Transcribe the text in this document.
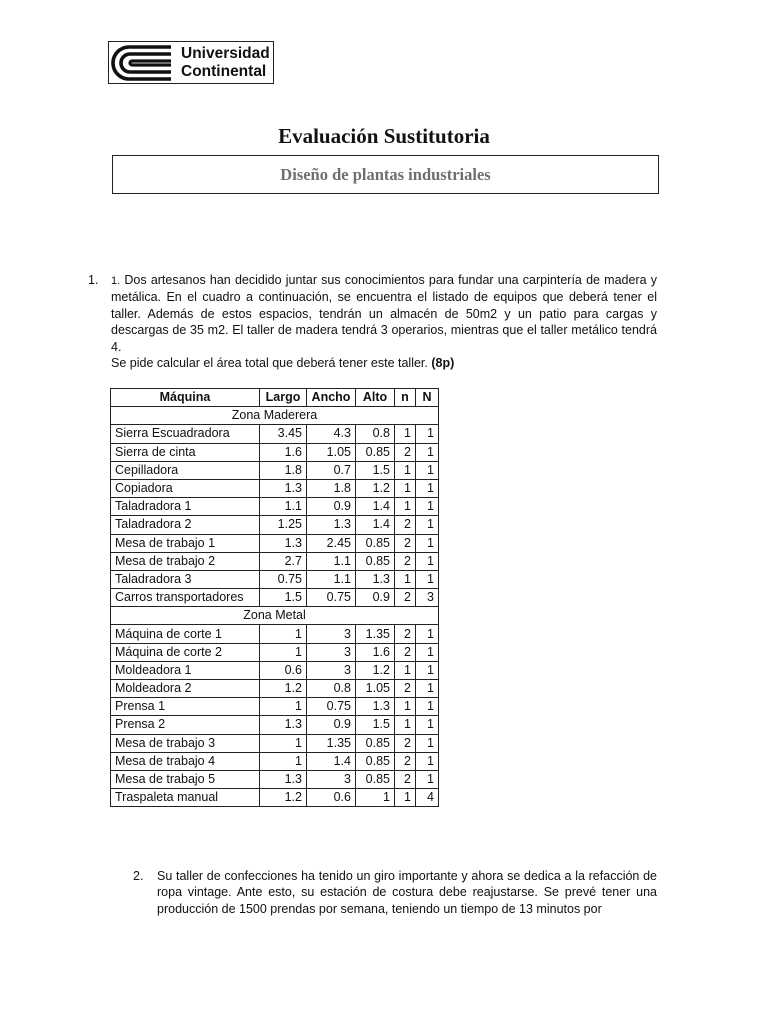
Universidad
Continental
Evaluación Sustitutoria
Diseño de plantas industriales
1. 1. Dos artesanos han decidido juntar sus conocimientos para fundar una carpintería de madera y metálica. En el cuadro a continuación, se encuentra el listado de equipos que deberá tener el taller. Además de estos espacios, tendrán un almacén de 50m2 y un patio para cargas y descargas de 35 m2. El taller de madera tendrá 3 operarios, mientras que el taller metálico tendrá 4.

Se pide calcular el área total que deberá tener este taller. (8p)

Máquina	Largo	Ancho	Alto	n	N
Zona Maderera					
Sierra Escuadradora	3.45	4.3	0.8	1	1
Sierra de cinta	1.6	1.05	0.85	2	1
Cepilladora	1.8	0.7	1.5	1	1
Copiadora	1.3	1.8	1.2	1	1
Taladradora 1	1.1	0.9	1.4	1	1
Taladradora 2	1.25	1.3	1.4	2	1
Mesa de trabajo 1	1.3	2.45	0.85	2	1
Mesa de trabajo 2	2.7	1.1	0.85	2	1
Taladradora 3	0.75	1.1	1.3	1	1
Carros transportadores	1.5	0.75	0.9	2	3
Zona Metal					
Máquina de corte 1	1	3	1.35	2	1
Máquina de corte 2	1	3	1.6	2	1
Moldeadora 1	0.6	3	1.2	1	1
Moldeadora 2	1.2	0.8	1.05	2	1
Prensa 1	1	0.75	1.3	1	1
Prensa 2	1.3	0.9	1.5	1	1
Mesa de trabajo 3	1	1.35	0.85	2	1
Mesa de trabajo 4	1	1.4	0.85	2	1
Mesa de trabajo 5	1.3	3	0.85	2	1
Traspaleta manual	1.2	0.6	1	1	4
2. Su taller de confecciones ha tenido un giro importante y ahora se dedica a la refacción de ropa vintage. Ante esto, su estación de costura debe reajustarse. Se prevé tener una producción de 1500 prendas por semana, teniendo un tiempo de 13 minutos por
